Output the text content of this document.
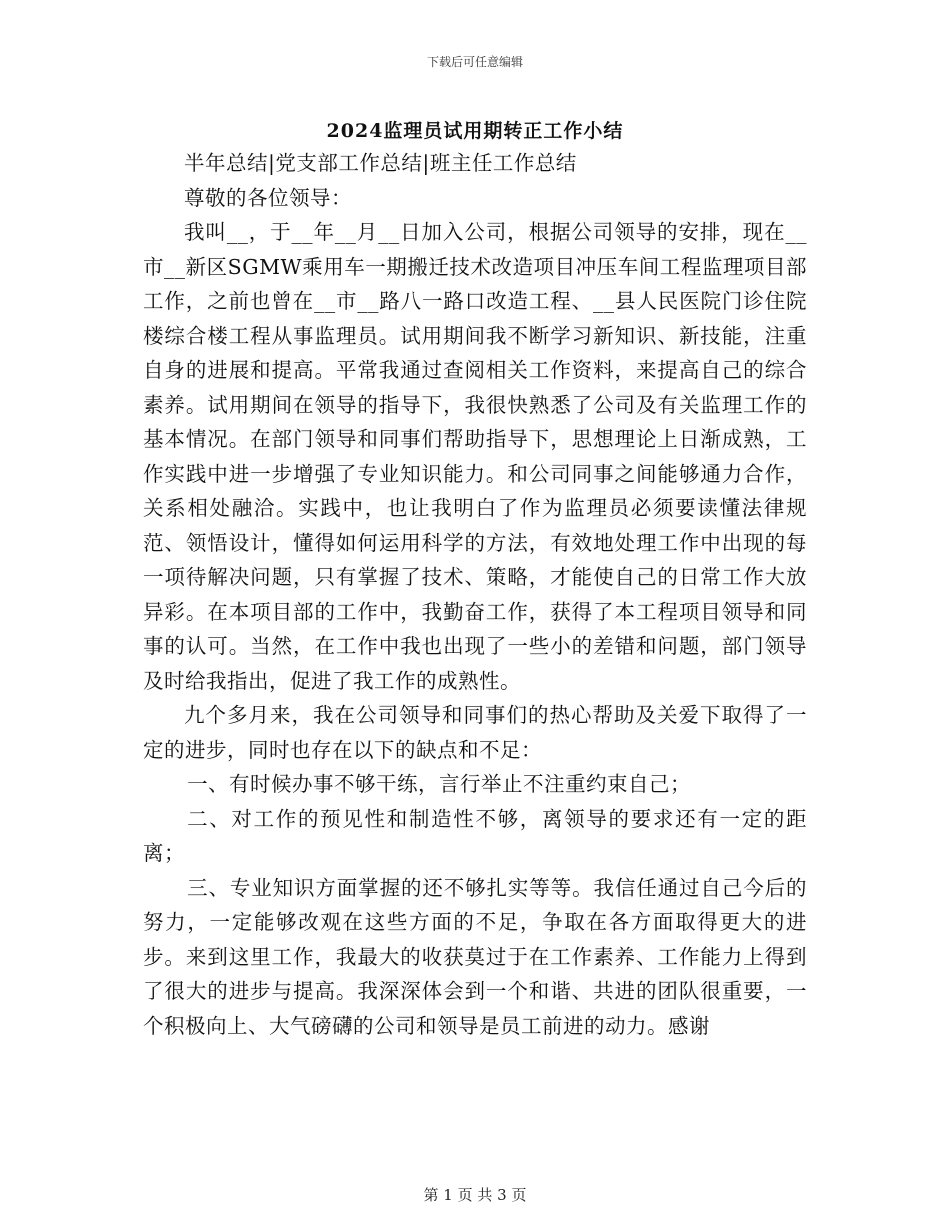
下载后可任意编辑
2024监理员试用期转正工作小结

半年总结|党支部工作总结|班主任工作总结

尊敬的各位领导：

我叫__，于__年__月__日加入公司，根据公司领导的安排，现在__市__新区SGMW乘用车一期搬迁技术改造项目冲压车间工程监理项目部工作，之前也曾在__市__路八一路口改造工程、__县人民医院门诊住院楼综合楼工程从事监理员。试用期间我不断学习新知识、新技能，注重自身的进展和提高。平常我通过查阅相关工作资料，来提高自己的综合素养。试用期间在领导的指导下，我很快熟悉了公司及有关监理工作的基本情况。在部门领导和同事们帮助指导下，思想理论上日渐成熟，工作实践中进一步增强了专业知识能力。和公司同事之间能够通力合作，关系相处融洽。实践中，也让我明白了作为监理员必须要读懂法律规范、领悟设计，懂得如何运用科学的方法，有效地处理工作中出现的每一项待解决问题，只有掌握了技术、策略，才能使自己的日常工作大放异彩。在本项目部的工作中，我勤奋工作，获得了本工程项目领导和同事的认可。当然，在工作中我也出现了一些小的差错和问题，部门领导及时给我指出，促进了我工作的成熟性。

九个多月来，我在公司领导和同事们的热心帮助及关爱下取得了一定的进步，同时也存在以下的缺点和不足：

一、有时候办事不够干练，言行举止不注重约束自己；

二、对工作的预见性和制造性不够，离领导的要求还有一定的距离；

三、专业知识方面掌握的还不够扎实等等。我信任通过自己今后的努力，一定能够改观在这些方面的不足，争取在各方面取得更大的进步。来到这里工作，我最大的收获莫过于在工作素养、工作能力上得到了很大的进步与提高。我深深体会到一个和谐、共进的团队很重要，一个积极向上、大气磅礴的公司和领导是员工前进的动力。感谢

第 1 页 共 3 页
